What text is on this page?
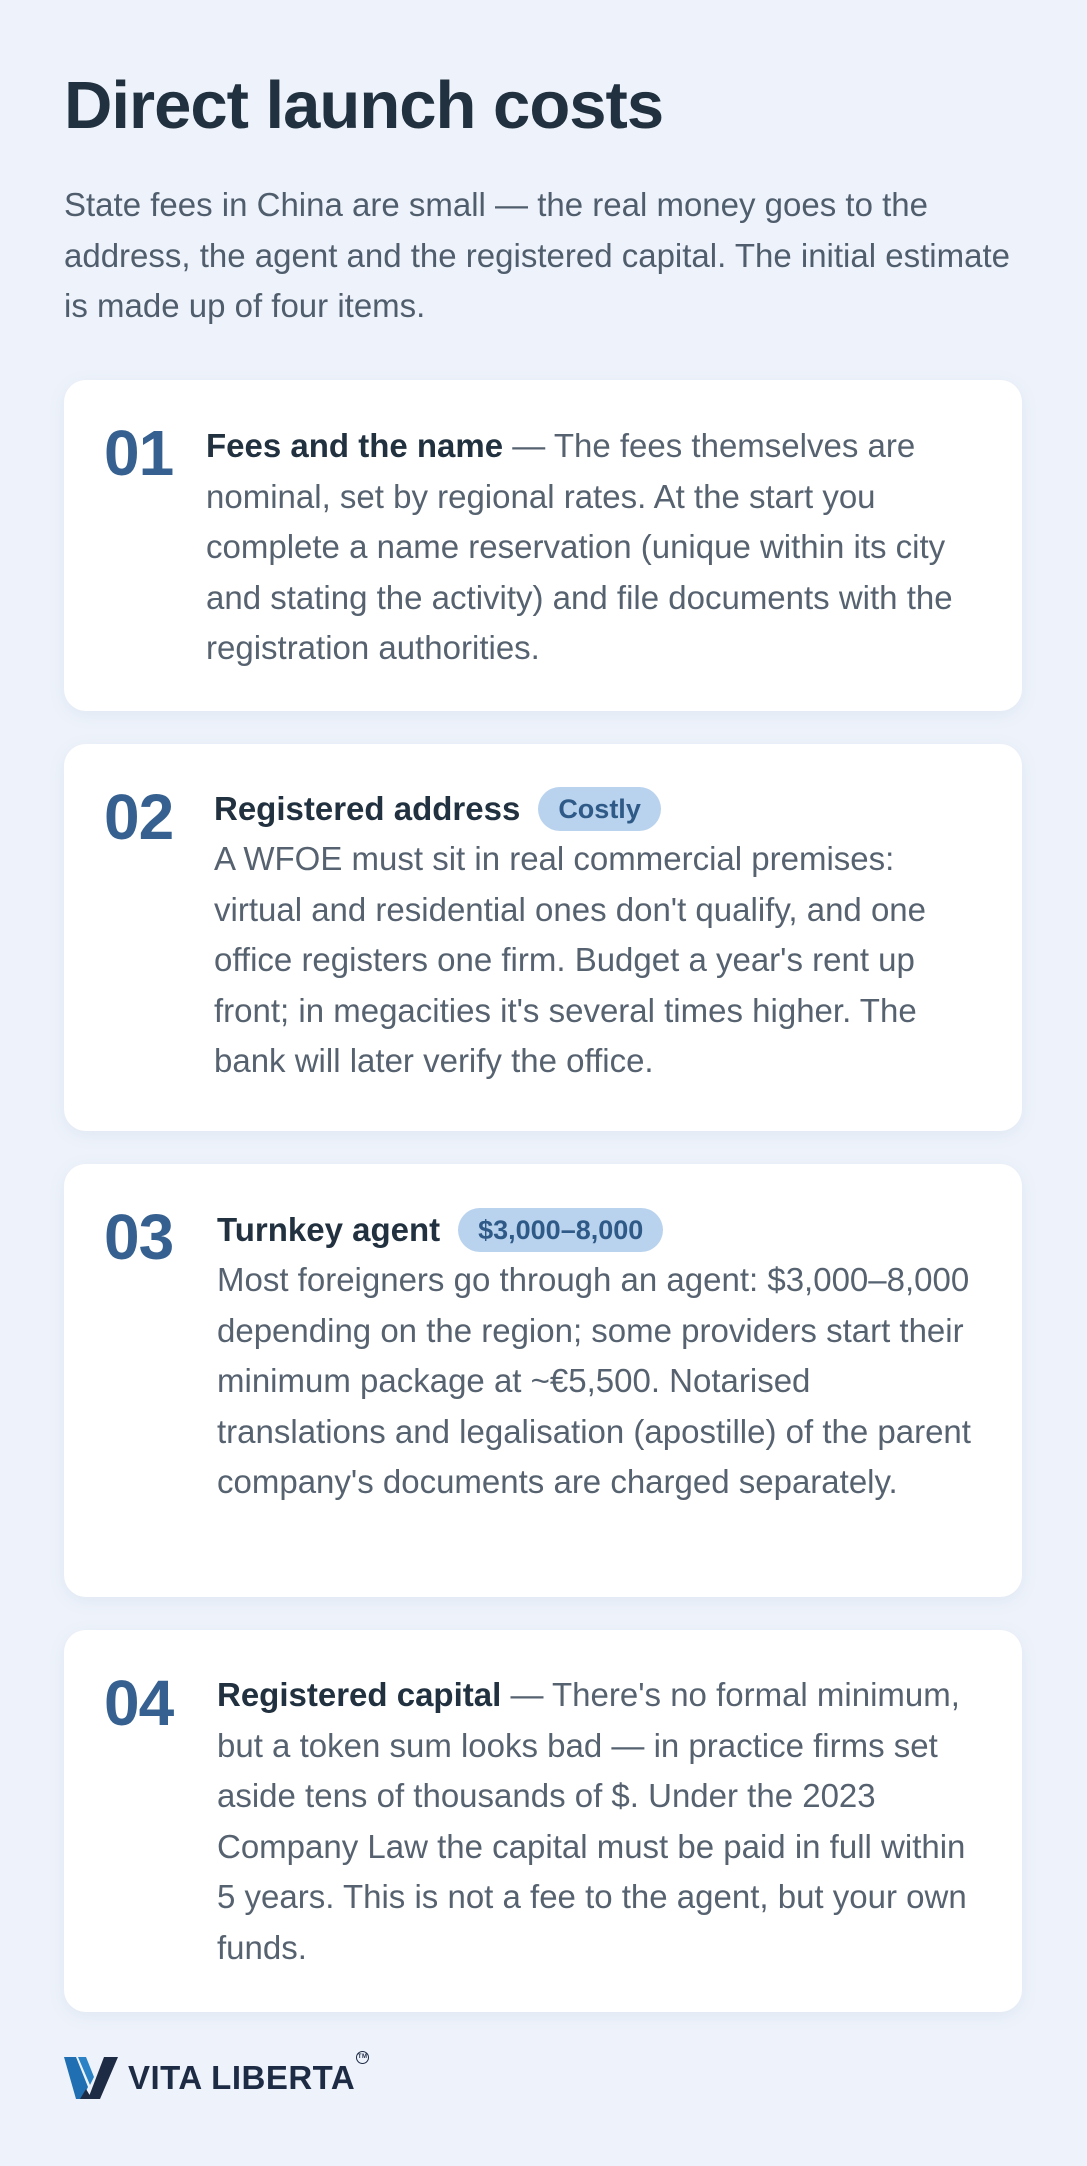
Direct launch costs

State fees in China are small — the real money goes to the address, the agent and the registered capital. The initial estimate is made up of four items.

01 Fees and the name — The fees themselves are nominal, set by regional rates. At the start you complete a name reservation (unique within its city and stating the activity) and file documents with the registration authorities.
02 Registered address	Costly
A WFOE must sit in real commercial premises: virtual and residential ones don't qualify, and one office registers one firm. Budget a year's rent up front; in megacities it's several times higher. The bank will later verify the office.
03 Turnkey agent	$3,000–8,000
Most foreigners go through an agent: $3,000–8,000 depending on the region; some providers start their minimum package at ~€5,500. Notarised translations and legalisation (apostille) of the parent company's documents are charged separately.
04 Registered capital — There's no formal minimum, but a token sum looks bad — in practice firms set aside tens of thousands of $. Under the 2023 Company Law the capital must be paid in full within 5 years. This is not a fee to the agent, but your own funds.
VITA LIBERTA
TM
